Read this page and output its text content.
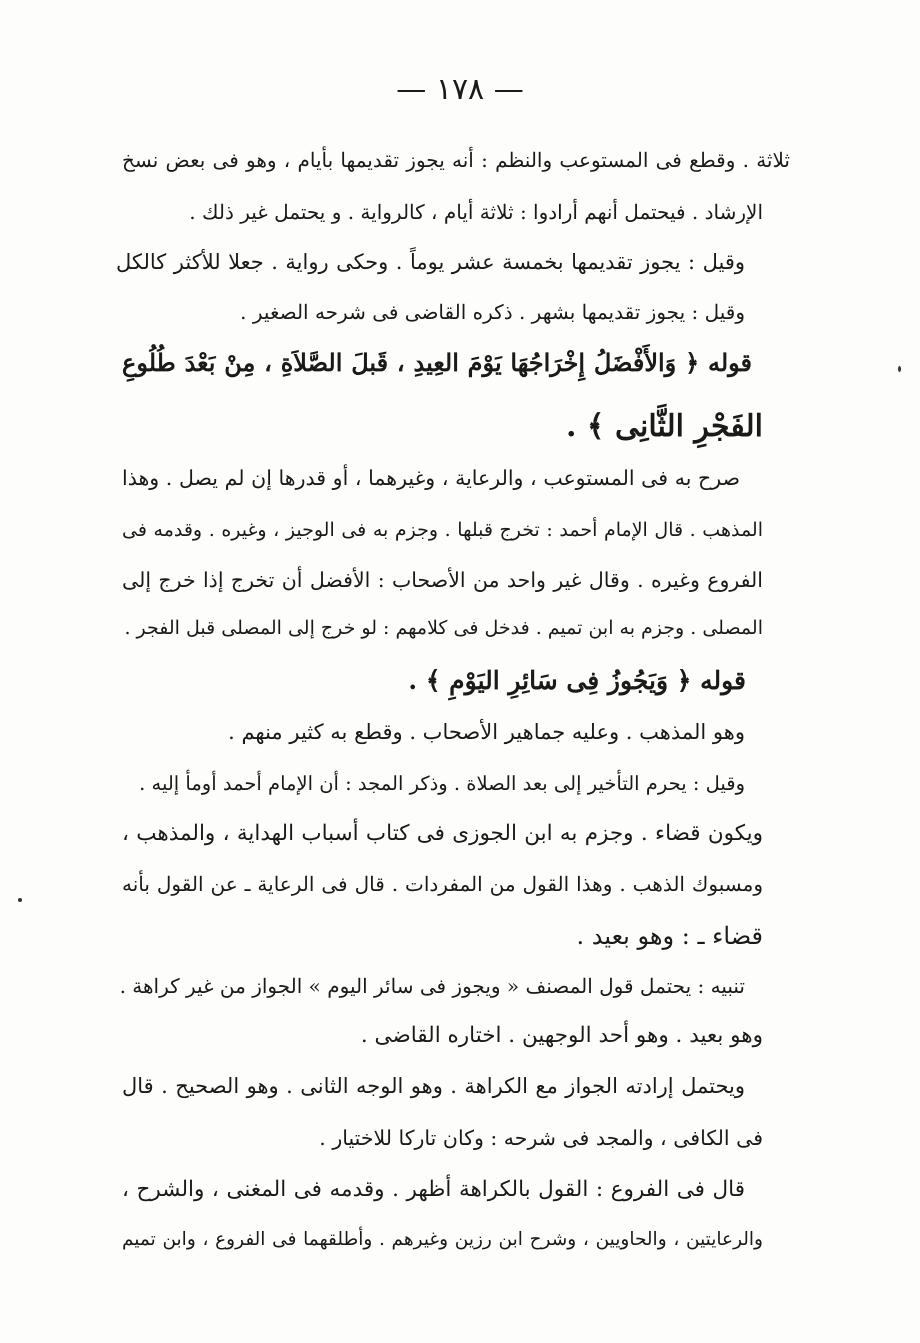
— ١٧٨ —
ثلاثة . وقطع فى المستوعب والنظم : أنه يجوز تقديمها بأيام ، وهو فى بعض نسخ
الإرشاد . فيحتمل أنهم أرادوا : ثلاثة أيام ، كالرواية . و يحتمل غير ذلك .
وقيل : يجوز تقديمها بخمسة عشر يوماً . وحكى رواية . جعلا للأكثر كالكل
وقيل : يجوز تقديمها بشهر . ذكره القاضى فى شرحه الصغير .
قوله ﴿ وَالأَفْضَلُ إِخْرَاجُهَا يَوْمَ العِيدِ ، قَبلَ الصَّلاَةِ ، مِنْ بَعْدَ طُلُوعِ
الفَجْرِ الثَّانِى ﴾ .
صرح به فى المستوعب ، والرعاية ، وغيرهما ، أو قدرها إن لم يصل . وهذا
المذهب . قال الإمام أحمد : تخرج قبلها . وجزم به فى الوجيز ، وغيره . وقدمه فى
الفروع وغيره . وقال غير واحد من الأصحاب : الأفضل أن تخرج إذا خرج إلى
المصلى . وجزم به ابن تميم . فدخل فى كلامهم : لو خرج إلى المصلى قبل الفجر .
قوله ﴿ وَيَجُوزُ فِى سَائِرِ اليَوْمِ ﴾ .
وهو المذهب . وعليه جماهير الأصحاب . وقطع به كثير منهم .
وقيل : يحرم التأخير إلى بعد الصلاة . وذكر المجد : أن الإمام أحمد أومأ إليه .
ويكون قضاء . وجزم به ابن الجوزى فى كتاب أسباب الهداية ، والمذهب ،
ومسبوك الذهب . وهذا القول من المفردات . قال فى الرعاية ـ عن القول بأنه
قضاء ـ : وهو بعيد .
تنبيه : يحتمل قول المصنف « ويجوز فى سائر اليوم » الجواز من غير كراهة .
وهو بعيد . وهو أحد الوجهين . اختاره القاضى .
ويحتمل إرادته الجواز مع الكراهة . وهو الوجه الثانى . وهو الصحيح . قال
فى الكافى ، والمجد فى شرحه : وكان تاركا للاختيار .
قال فى الفروع : القول بالكراهة أظهر . وقدمه فى المغنى ، والشرح ،
والرعايتين ، والحاويين ، وشرح ابن رزين وغيرهم . وأطلقهما فى الفروع ، وابن تميم
